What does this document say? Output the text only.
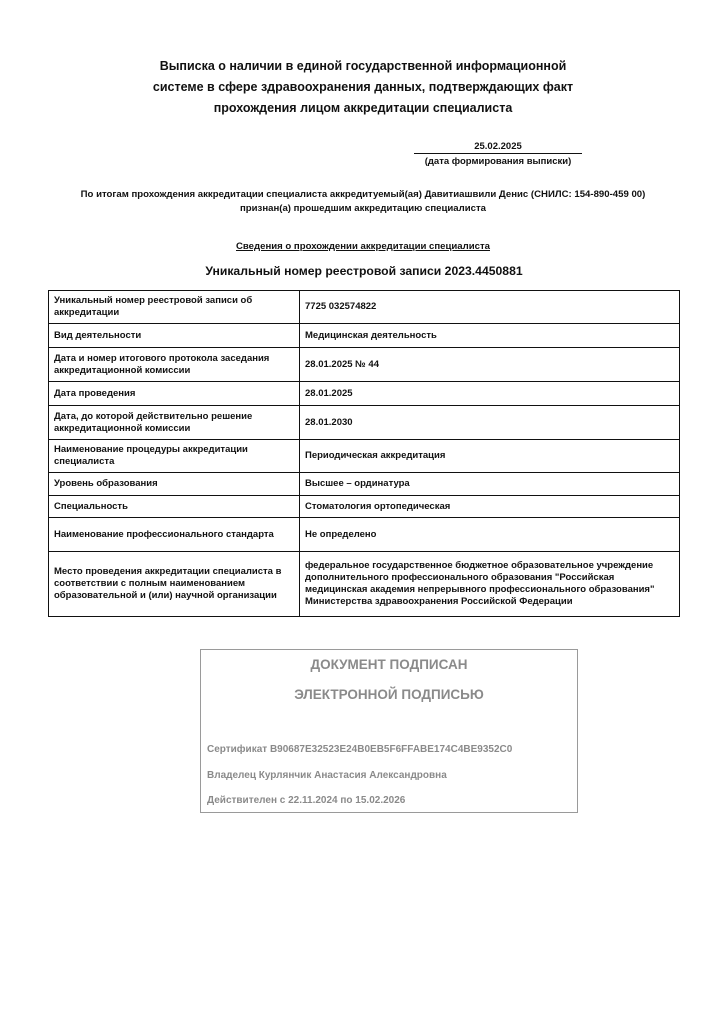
Выписка о наличии в единой государственной информационной
системе в сфере здравоохранения данных, подтверждающих факт
прохождения лицом аккредитации специалиста
25.02.2025
(дата формирования выписки)
По итогам прохождения аккредитации специалиста аккредитуемый(ая) Давитиашвили Денис (СНИЛС: 154-890-459 00)
признан(а) прошедшим аккредитацию специалиста
Сведения о прохождении аккредитации специалиста
Уникальный номер реестровой записи 2023.4450881
Уникальный номер реестровой записи об аккредитации	7725 032574822
Вид деятельности	Медицинская деятельность
Дата и номер итогового протокола заседания аккредитационной комиссии	28.01.2025 № 44
Дата проведения	28.01.2025
Дата, до которой действительно решение аккредитационной комиссии	28.01.2030
Наименование процедуры аккредитации специалиста	Периодическая аккредитация
Уровень образования	Высшее – ординатура
Специальность	Стоматология ортопедическая
Наименование профессионального стандарта	Не определено
Место проведения аккредитации специалиста в соответствии с полным наименованием образовательной и (или) научной организации	федеральное государственное бюджетное образовательное учреждение дополнительного профессионального образования "Российская медицинская академия непрерывного профессионального образования" Министерства здравоохранения Российской Федерации
ДОКУМЕНТ ПОДПИСАН
ЭЛЕКТРОННОЙ ПОДПИСЬЮ
Сертификат B90687E32523E24B0EB5F6FFABE174C4BE9352C0
Владелец Курлянчик Анастасия Александровна
Действителен с 22.11.2024 по 15.02.2026
